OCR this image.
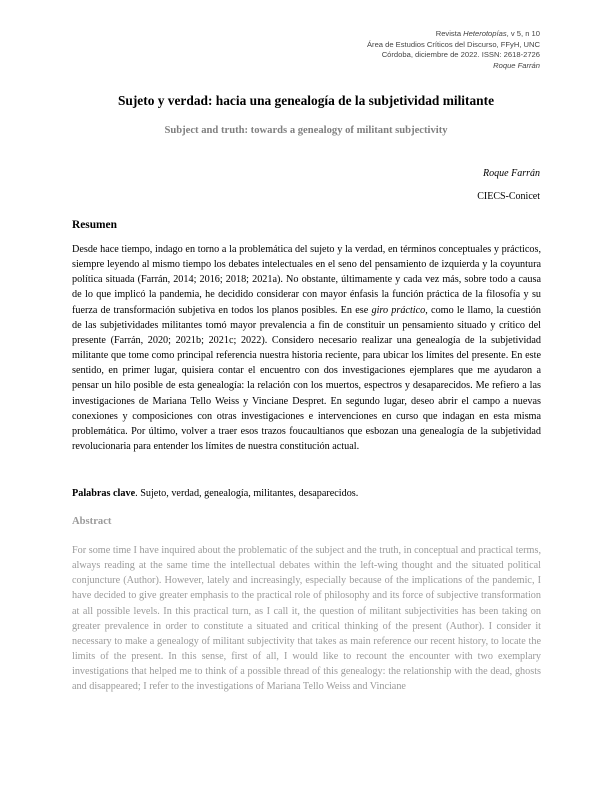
Revista Heterotopías, v 5, n 10
Área de Estudios Críticos del Discurso, FFyH, UNC
Córdoba, diciembre de 2022. ISSN: 2618-2726
Roque Farrán
Sujeto y verdad: hacia una genealogía de la subjetividad militante
Subject and truth: towards a genealogy of militant subjectivity
Roque Farrán
CIECS-Conicet
Resumen

Desde hace tiempo, indago en torno a la problemática del sujeto y la verdad, en términos conceptuales y prácticos, siempre leyendo al mismo tiempo los debates intelectuales en el seno del pensamiento de izquierda y la coyuntura política situada (Farrán, 2014; 2016; 2018; 2021a). No obstante, últimamente y cada vez más, sobre todo a causa de lo que implicó la pandemia, he decidido considerar con mayor énfasis la función práctica de la filosofía y su fuerza de transformación subjetiva en todos los planos posibles. En ese giro práctico, como le llamo, la cuestión de las subjetividades militantes tomó mayor prevalencia a fin de constituir un pensamiento situado y crítico del presente (Farrán, 2020; 2021b; 2021c; 2022). Considero necesario realizar una genealogía de la subjetividad militante que tome como principal referencia nuestra historia reciente, para ubicar los límites del presente. En este sentido, en primer lugar, quisiera contar el encuentro con dos investigaciones ejemplares que me ayudaron a pensar un hilo posible de esta genealogía: la relación con los muertos, espectros y desaparecidos. Me refiero a las investigaciones de Mariana Tello Weiss y Vinciane Despret. En segundo lugar, deseo abrir el campo a nuevas conexiones y composiciones con otras investigaciones e intervenciones en curso que indagan en esta misma problemática. Por último, volver a traer esos trazos foucaultianos que esbozan una genealogía de la subjetividad revolucionaria para entender los límites de nuestra constitución actual.

Palabras clave. Sujeto, verdad, genealogía, militantes, desaparecidos.
Abstract

For some time I have inquired about the problematic of the subject and the truth, in conceptual and practical terms, always reading at the same time the intellectual debates within the left-wing thought and the situated political conjuncture (Author). However, lately and increasingly, especially because of the implications of the pandemic, I have decided to give greater emphasis to the practical role of philosophy and its force of subjective transformation at all possible levels. In this practical turn, as I call it, the question of militant subjectivities has been taking on greater prevalence in order to constitute a situated and critical thinking of the present (Author). I consider it necessary to make a genealogy of militant subjectivity that takes as main reference our recent history, to locate the limits of the present. In this sense, first of all, I would like to recount the encounter with two exemplary investigations that helped me to think of a possible thread of this genealogy: the relationship with the dead, ghosts and disappeared; I refer to the investigations of Mariana Tello Weiss and Vinciane
